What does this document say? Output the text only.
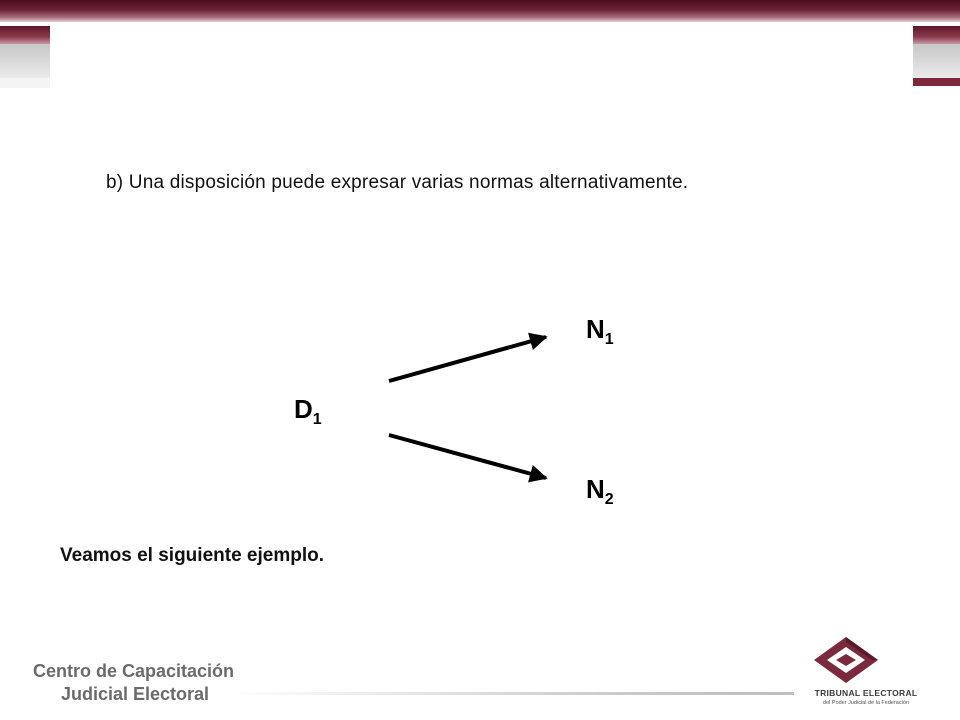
b) Una disposición puede expresar varias normas alternativamente.
$D_1$
$N_1$
$N_2$
Veamos el siguiente ejemplo.
Centro de Capacitación
Judicial Electoral	TRIBUNAL ELECTORAL
del Poder Judicial de la Federación
